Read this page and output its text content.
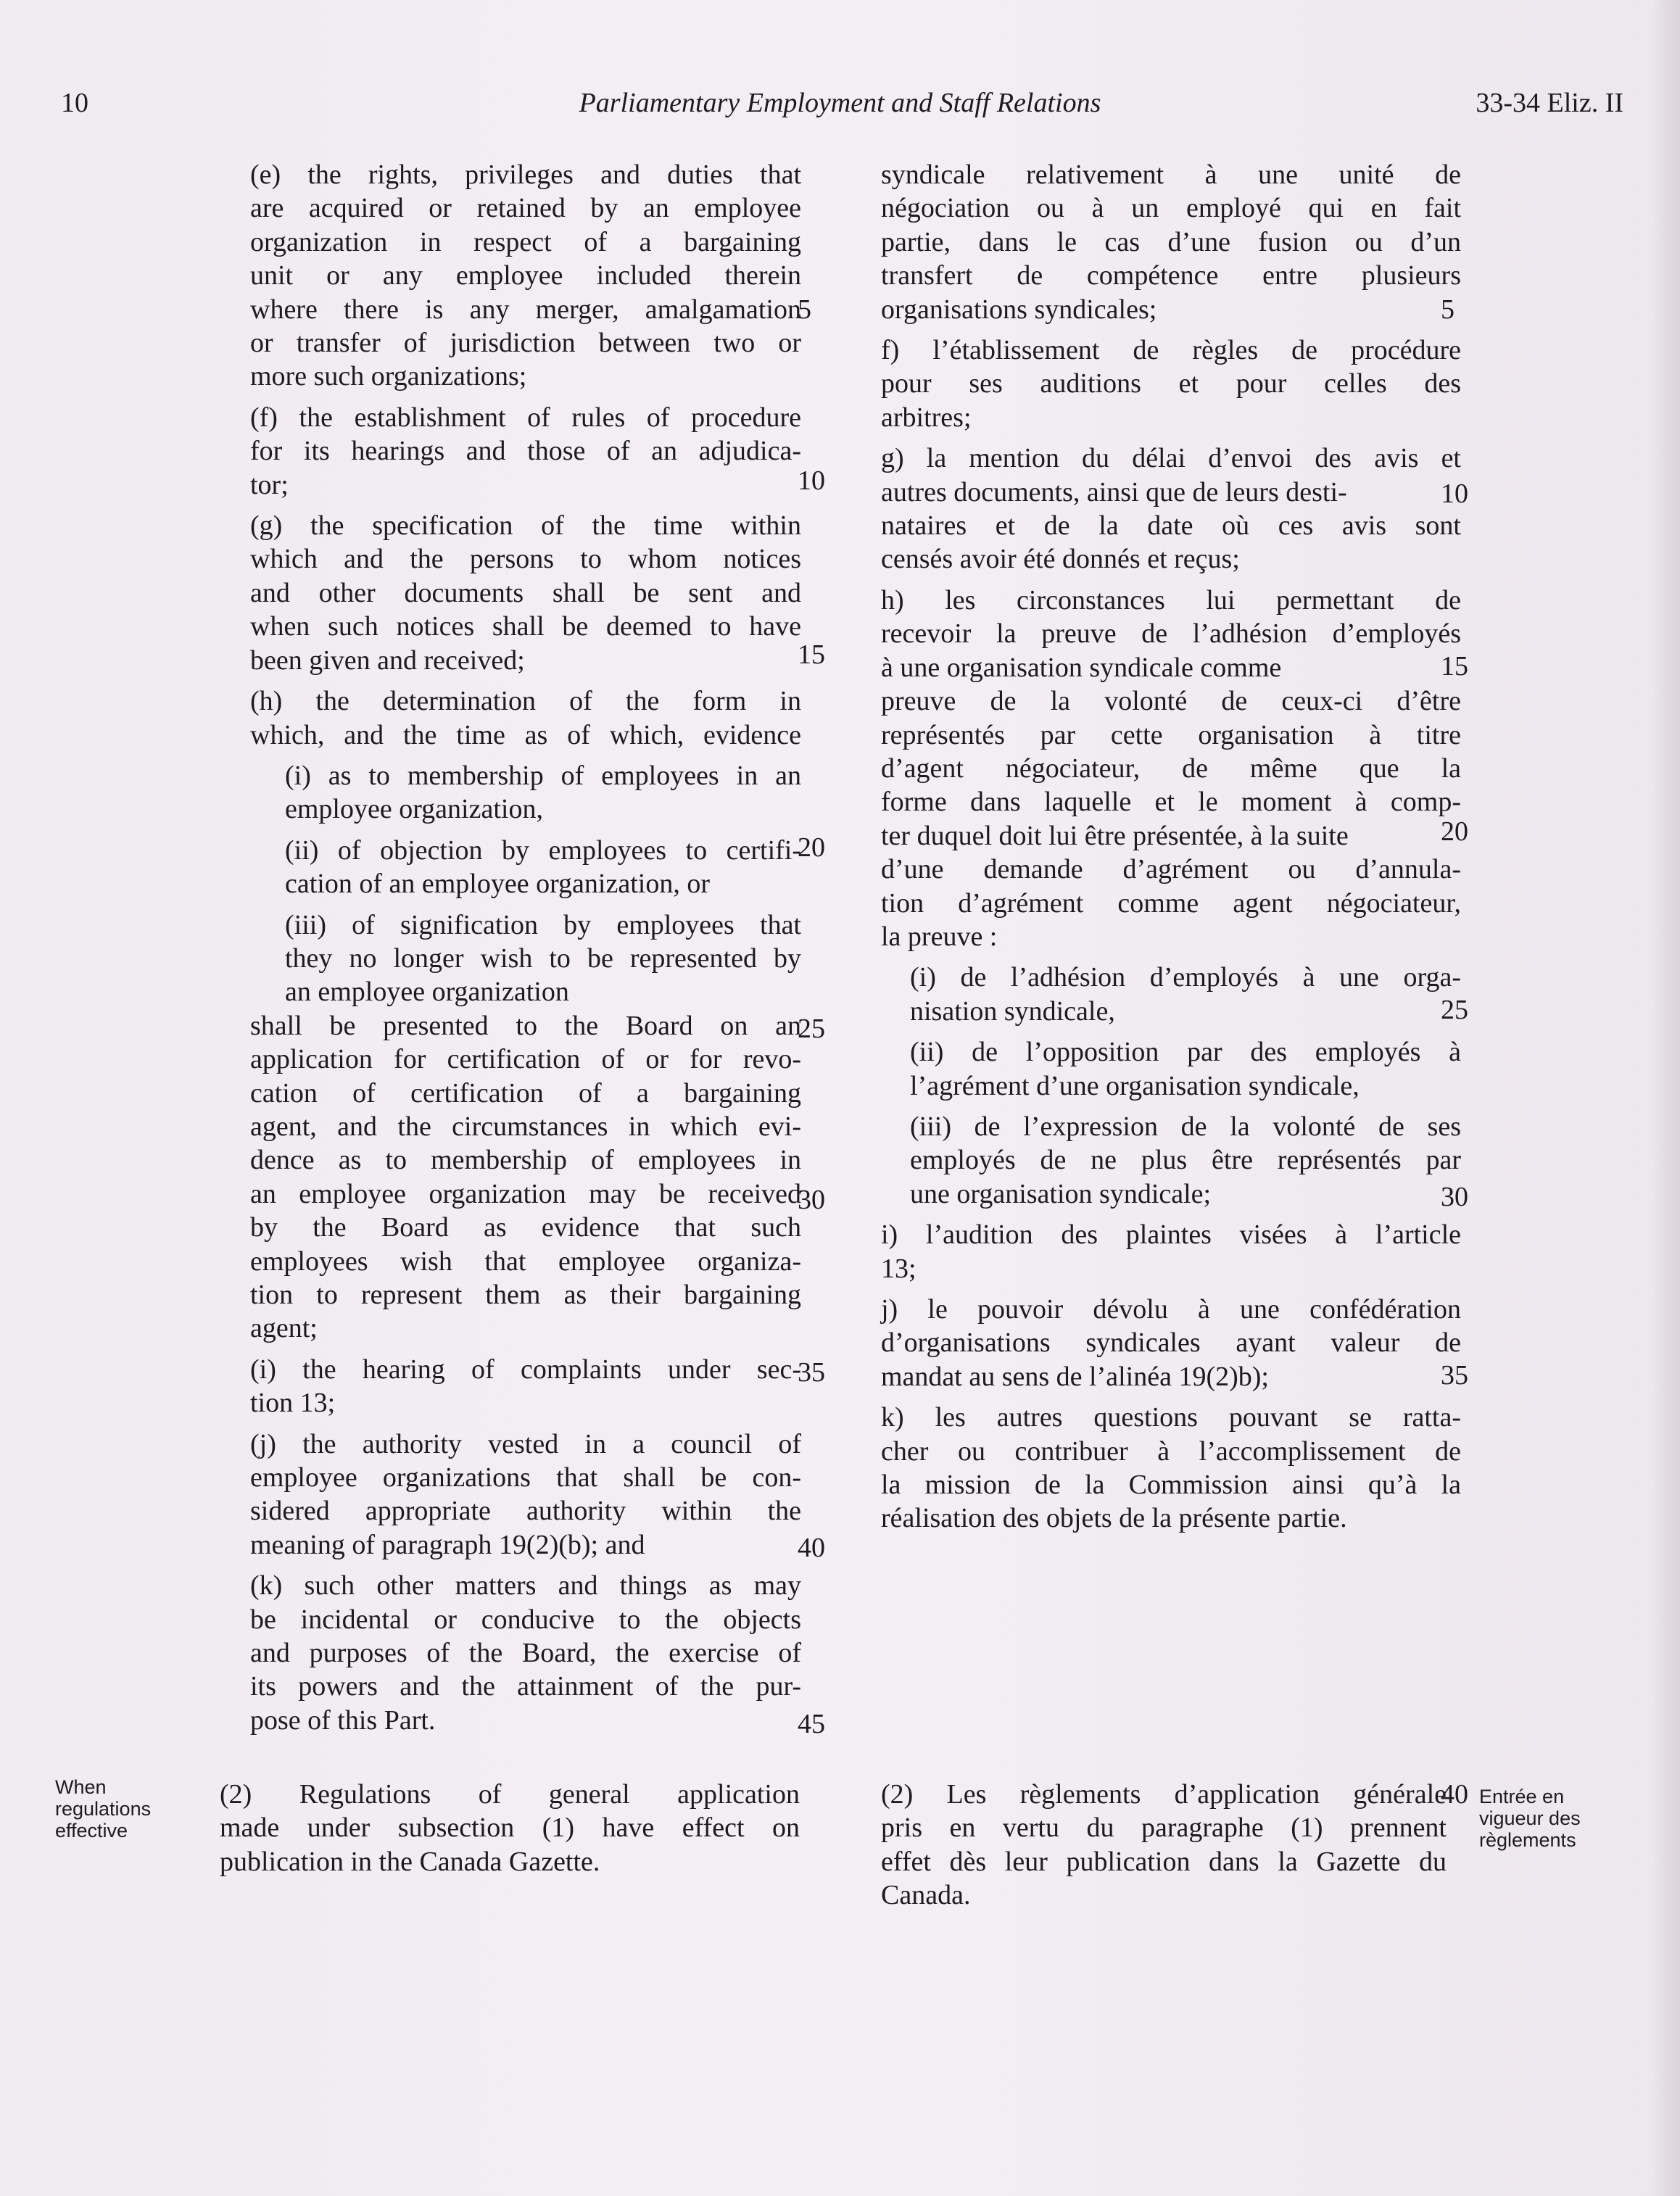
10	Parliamentary Employment and Staff Relations	33-34 Eliz. II

(e) the rights, privileges and duties that

are acquired or retained by an employee

organization in respect of a bargaining

unit or any employee included therein

where there is any merger, amalgamation

or transfer of jurisdiction between two or

more such organizations;

(f) the establishment of rules of procedure

for its hearings and those of an adjudica-

tor;

(g) the specification of the time within

which and the persons to whom notices

and other documents shall be sent and

when such notices shall be deemed to have

been given and received;

(h) the determination of the form in

which, and the time as of which, evidence

(i) as to membership of employees in an

employee organization,

(ii) of objection by employees to certifi-

cation of an employee organization, or

(iii) of signification by employees that

they no longer wish to be represented by

an employee organization

shall be presented to the Board on an

application for certification of or for revo-

cation of certification of a bargaining

agent, and the circumstances in which evi-

dence as to membership of employees in

an employee organization may be received

by the Board as evidence that such

employees wish that employee organiza-

tion to represent them as their bargaining

agent;

(i) the hearing of complaints under sec-

tion 13;

(j) the authority vested in a council of

employee organizations that shall be con-

sidered appropriate authority within the

meaning of paragraph 19(2)(b); and

(k) such other matters and things as may

be incidental or conducive to the objects

and purposes of the Board, the exercise of

its powers and the attainment of the pur-

pose of this Part.

5
10
15
20
25
30
35
40
45

syndicale relativement à une unité de

négociation ou à un employé qui en fait

partie, dans le cas d’une fusion ou d’un

transfert de compétence entre plusieurs

organisations syndicales;

f) l’établissement de règles de procédure

pour ses auditions et pour celles des

arbitres;

g) la mention du délai d’envoi des avis et

autres documents, ainsi que de leurs desti-

nataires et de la date où ces avis sont

censés avoir été donnés et reçus;

h) les circonstances lui permettant de

recevoir la preuve de l’adhésion d’employés

à une organisation syndicale comme

preuve de la volonté de ceux-ci d’être

représentés par cette organisation à titre

d’agent négociateur, de même que la

forme dans laquelle et le moment à comp-

ter duquel doit lui être présentée, à la suite

d’une demande d’agrément ou d’annula-

tion d’agrément comme agent négociateur,

la preuve :

(i) de l’adhésion d’employés à une orga-

nisation syndicale,

(ii) de l’opposition par des employés à

l’agrément d’une organisation syndicale,

(iii) de l’expression de la volonté de ses

employés de ne plus être représentés par

une organisation syndicale;

i) l’audition des plaintes visées à l’article

13;

j) le pouvoir dévolu à une confédération

d’organisations syndicales ayant valeur de

mandat au sens de l’alinéa 19(2)b);

k) les autres questions pouvant se ratta-

cher ou contribuer à l’accomplissement de

la mission de la Commission ainsi qu’à la

réalisation des objets de la présente partie.

5
10
15
20
25
30
35
40
When regulations effective

(2) Regulations of general application

made under subsection (1) have effect on

publication in the Canada Gazette.

(2) Les règlements d’application générale

pris en vertu du paragraphe (1) prennent

effet dès leur publication dans la Gazette du

Canada.

Entrée en vigueur des règlements
